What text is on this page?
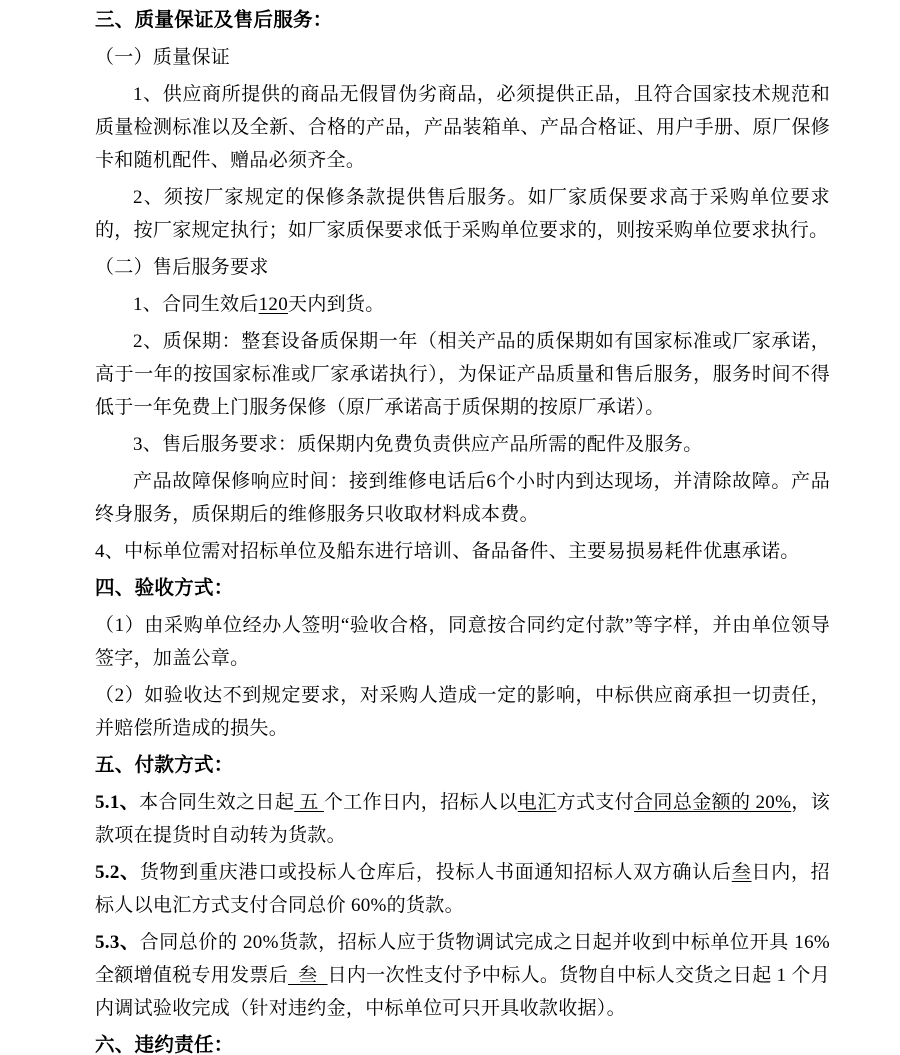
三、质量保证及售后服务：

（一）质量保证

1、供应商所提供的商品无假冒伪劣商品，必须提供正品，且符合国家技术规范和质量检测标准以及全新、合格的产品，产品装箱单、产品合格证、用户手册、原厂保修卡和随机配件、赠品必须齐全。

2、须按厂家规定的保修条款提供售后服务。如厂家质保要求高于采购单位要求的，按厂家规定执行；如厂家质保要求低于采购单位要求的，则按采购单位要求执行。

（二）售后服务要求

1、合同生效后120天内到货。

2、质保期：整套设备质保期一年（相关产品的质保期如有国家标准或厂家承诺，高于一年的按国家标准或厂家承诺执行），为保证产品质量和售后服务，服务时间不得低于一年免费上门服务保修（原厂承诺高于质保期的按原厂承诺）。

3、售后服务要求：质保期内免费负责供应产品所需的配件及服务。

产品故障保修响应时间：接到维修电话后6个小时内到达现场，并清除故障。产品终身服务，质保期后的维修服务只收取材料成本费。

4、中标单位需对招标单位及船东进行培训、备品备件、主要易损易耗件优惠承诺。

四、验收方式：

（1）由采购单位经办人签明“验收合格，同意按合同约定付款”等字样，并由单位领导签字，加盖公章。

（2）如验收达不到规定要求，对采购人造成一定的影响，中标供应商承担一切责任，并赔偿所造成的损失。

五、付款方式：

5.1、本合同生效之日起 五 个工作日内，招标人以电汇方式支付合同总金额的 20%，该款项在提货时自动转为货款。

5.2、货物到重庆港口或投标人仓库后，投标人书面通知招标人双方确认后叁日内，招标人以电汇方式支付合同总价 60%的货款。

5.3、合同总价的 20%货款，招标人应于货物调试完成之日起并收到中标单位开具 16%全额增值税专用发票后  叁  日内一次性支付予中标人。货物自中标人交货之日起 1 个月内调试验收完成（针对违约金，中标单位可只开具收款收据）。

六、违约责任：
